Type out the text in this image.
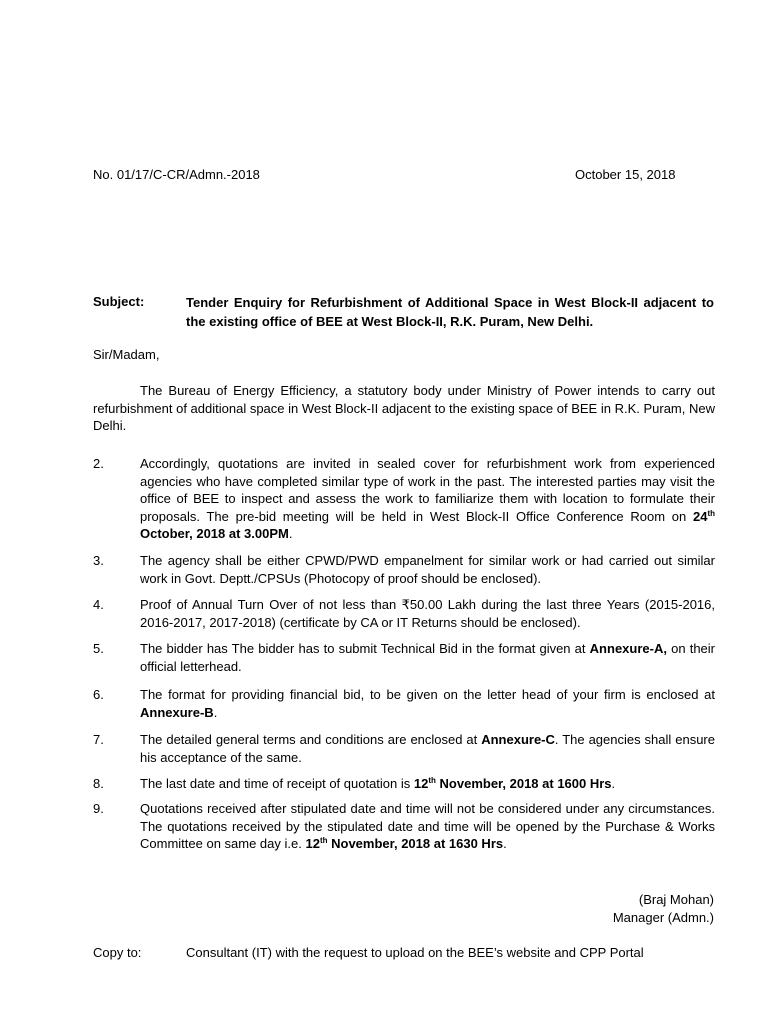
No. 01/17/C-CR/Admn.-2018	October 15, 2018
Subject:	Tender Enquiry for Refurbishment of Additional Space in West Block-II adjacent to the existing office of BEE at West Block-II, R.K. Puram, New Delhi.
Sir/Madam,
The Bureau of Energy Efficiency, a statutory body under Ministry of Power intends to carry out refurbishment of additional space in West Block-II adjacent to the existing space of BEE in R.K. Puram, New Delhi.
2.	Accordingly, quotations are invited in sealed cover for refurbishment work from experienced agencies who have completed similar type of work in the past. The interested parties may visit the office of BEE to inspect and assess the work to familiarize them with location to formulate their proposals. The pre-bid meeting will be held in West Block-II Office Conference Room on 24th October, 2018 at 3.00PM.
3.	The agency shall be either CPWD/PWD empanelment for similar work or had carried out similar work in Govt. Deptt./CPSUs (Photocopy of proof should be enclosed).
4.	Proof of Annual Turn Over of not less than ₹50.00 Lakh during the last three Years (2015-2016, 2016-2017, 2017-2018) (certificate by CA or IT Returns should be enclosed).
5.	The bidder has The bidder has to submit Technical Bid in the format given at Annexure-A, on their official letterhead.
6.	The format for providing financial bid, to be given on the letter head of your firm is enclosed at Annexure-B.
7.	The detailed general terms and conditions are enclosed at Annexure-C. The agencies shall ensure his acceptance of the same.
8.	The last date and time of receipt of quotation is 12th November, 2018 at 1600 Hrs.
9.	Quotations received after stipulated date and time will not be considered under any circumstances. The quotations received by the stipulated date and time will be opened by the Purchase & Works Committee on same day i.e. 12th November, 2018 at 1630 Hrs.
(Braj Mohan)
Manager (Admn.)
Copy to:	Consultant (IT) with the request to upload on the BEE’s website and CPP Portal
